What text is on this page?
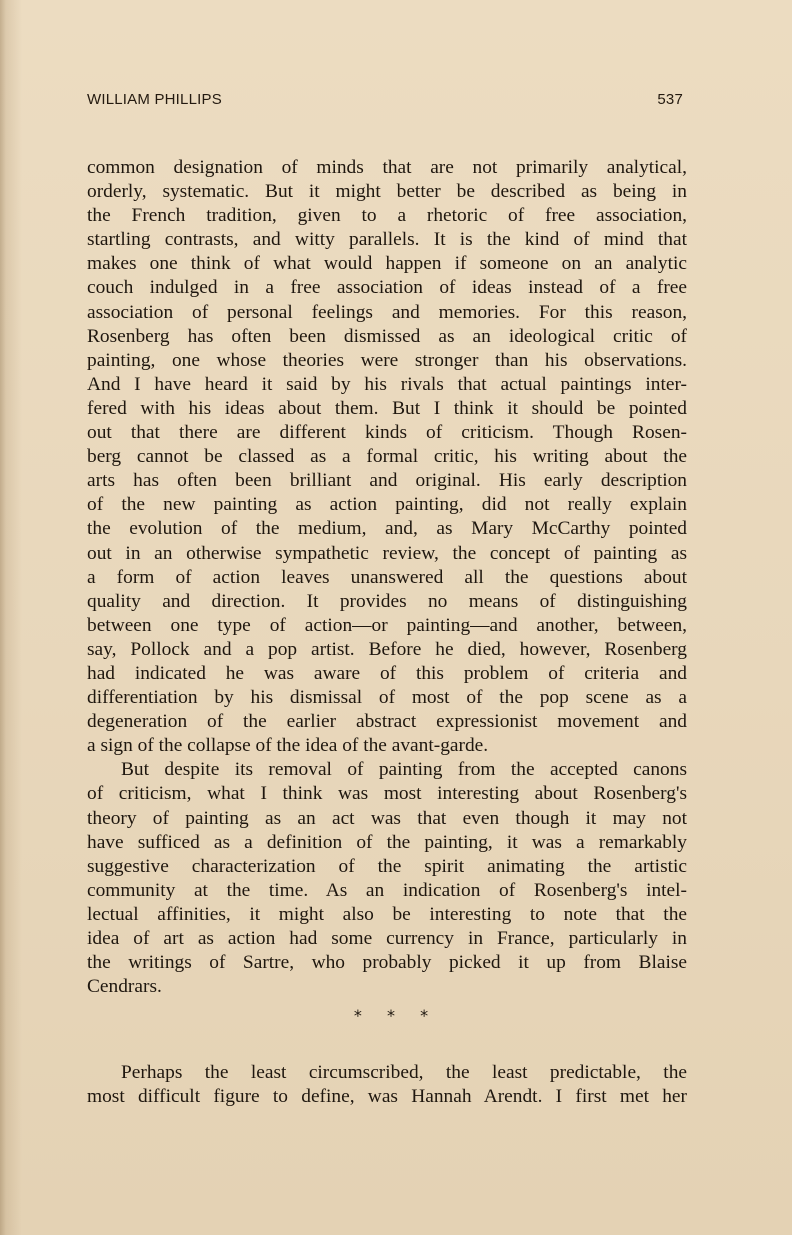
WILLIAM PHILLIPS	537

common designation of minds that are not primarily analytical,

orderly, systematic. But it might better be described as being in

the French tradition, given to a rhetoric of free association,

startling contrasts, and witty parallels. It is the kind of mind that

makes one think of what would happen if someone on an analytic

couch indulged in a free association of ideas instead of a free

association of personal feelings and memories. For this reason,

Rosenberg has often been dismissed as an ideological critic of

painting, one whose theories were stronger than his observations.

And I have heard it said by his rivals that actual paintings inter-

fered with his ideas about them. But I think it should be pointed

out that there are different kinds of criticism. Though Rosen-

berg cannot be classed as a formal critic, his writing about the

arts has often been brilliant and original. His early description

of the new painting as action painting, did not really explain

the evolution of the medium, and, as Mary McCarthy pointed

out in an otherwise sympathetic review, the concept of painting as

a form of action leaves unanswered all the questions about

quality and direction. It provides no means of distinguishing

between one type of action—or painting—and another, between,

say, Pollock and a pop artist. Before he died, however, Rosenberg

had indicated he was aware of this problem of criteria and

differentiation by his dismissal of most of the pop scene as a

degeneration of the earlier abstract expressionist movement and

a sign of the collapse of the idea of the avant-garde.

But despite its removal of painting from the accepted canons

of criticism, what I think was most interesting about Rosenberg's

theory of painting as an act was that even though it may not

have sufficed as a definition of the painting, it was a remarkably

suggestive characterization of the spirit animating the artistic

community at the time. As an indication of Rosenberg's intel-

lectual affinities, it might also be interesting to note that the

idea of art as action had some currency in France, particularly in

the writings of Sartre, who probably picked it up from Blaise

Cendrars.

* * *

Perhaps the least circumscribed, the least predictable, the

most difficult figure to define, was Hannah Arendt. I first met her
